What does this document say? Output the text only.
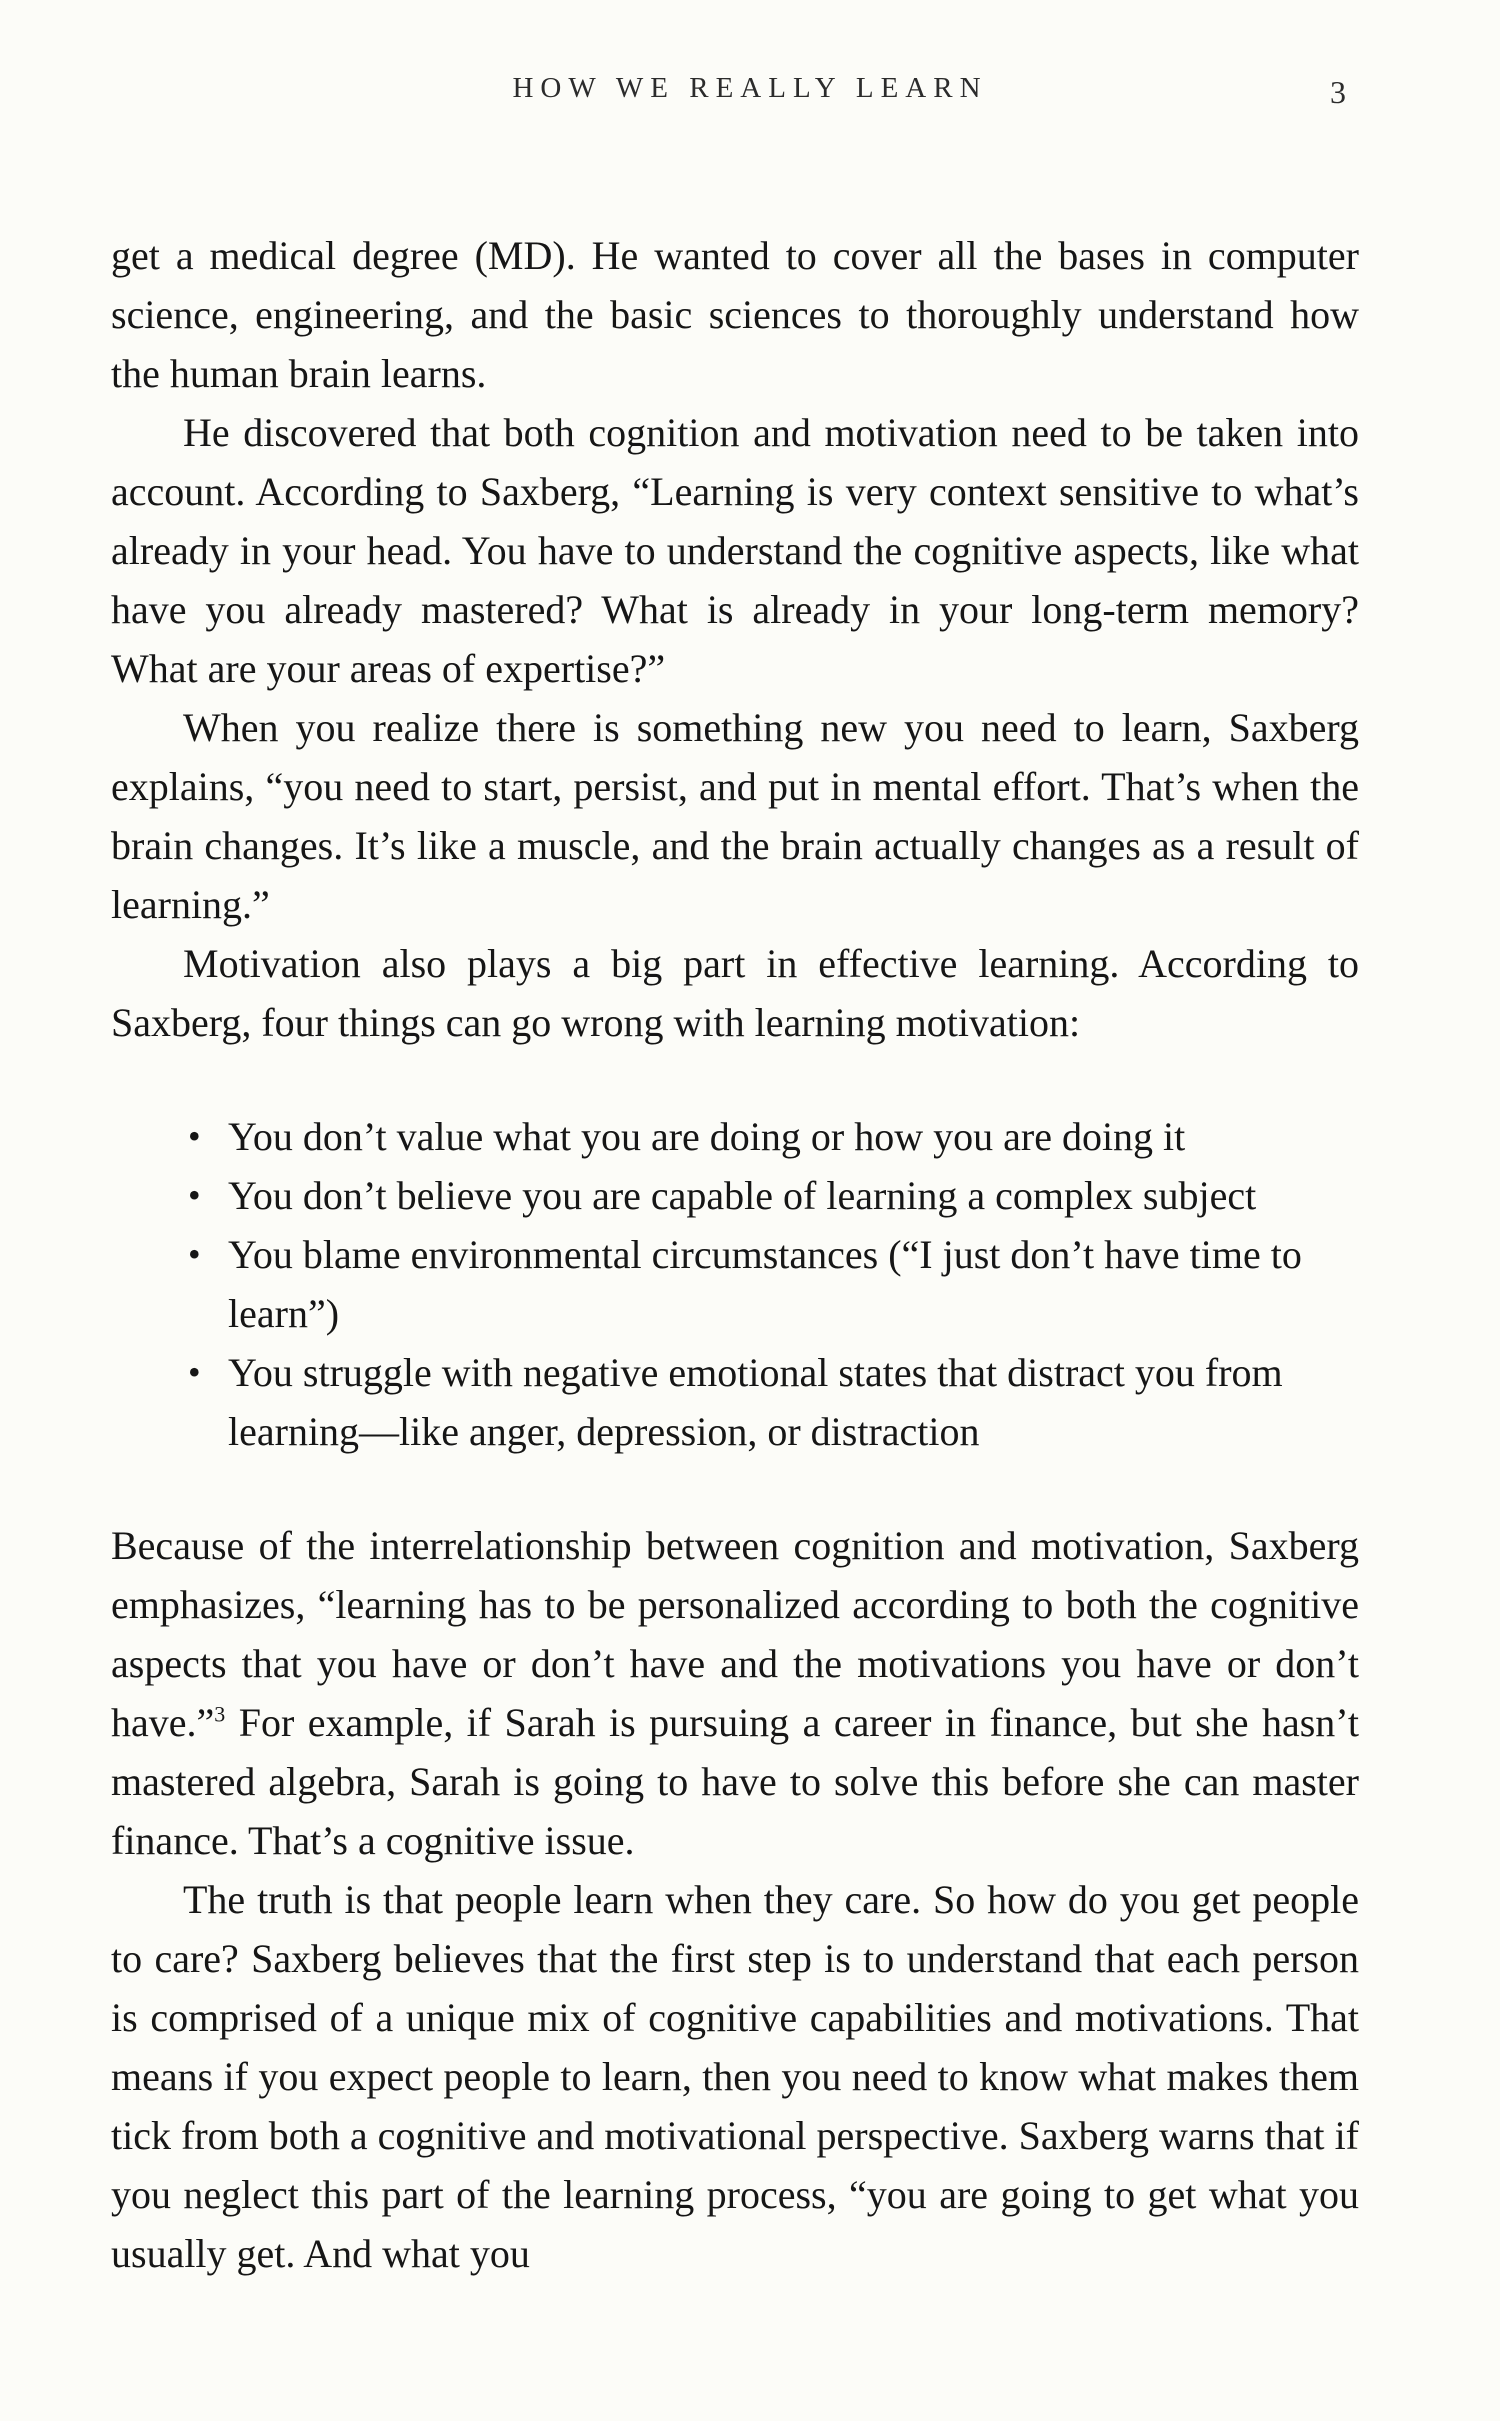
HOW WE REALLY LEARN	3

get a medical degree (MD). He wanted to cover all the bases in computer science, engineering, and the basic sciences to thoroughly understand how the human brain learns.

He discovered that both cognition and motivation need to be taken into account. According to Saxberg, “Learning is very context sensitive to what’s already in your head. You have to understand the cognitive aspects, like what have you already mastered? What is already in your long-term memory? What are your areas of expertise?”

When you realize there is something new you need to learn, Saxberg explains, “you need to start, persist, and put in mental effort. That’s when the brain changes. It’s like a muscle, and the brain actually changes as a result of learning.”

Motivation also plays a big part in effective learning. According to Saxberg, four things can go wrong with learning motivation:

• You don’t value what you are doing or how you are doing it
• You don’t believe you are capable of learning a complex subject
• You blame environmental circumstances (“I just don’t have time to learn”)
• You struggle with negative emotional states that distract you from learning—like anger, depression, or distraction

Because of the interrelationship between cognition and motivation, Saxberg emphasizes, “learning has to be personalized according to both the cognitive aspects that you have or don’t have and the motivations you have or don’t have.”$^3$ For example, if Sarah is pursuing a career in finance, but she hasn’t mastered algebra, Sarah is going to have to solve this before she can master finance. That’s a cognitive issue.

The truth is that people learn when they care. So how do you get people to care? Saxberg believes that the first step is to understand that each person is comprised of a unique mix of cognitive capabilities and motivations. That means if you expect people to learn, then you need to know what makes them tick from both a cognitive and motivational perspective. Saxberg warns that if you neglect this part of the learning process, “you are going to get what you usually get. And what you
